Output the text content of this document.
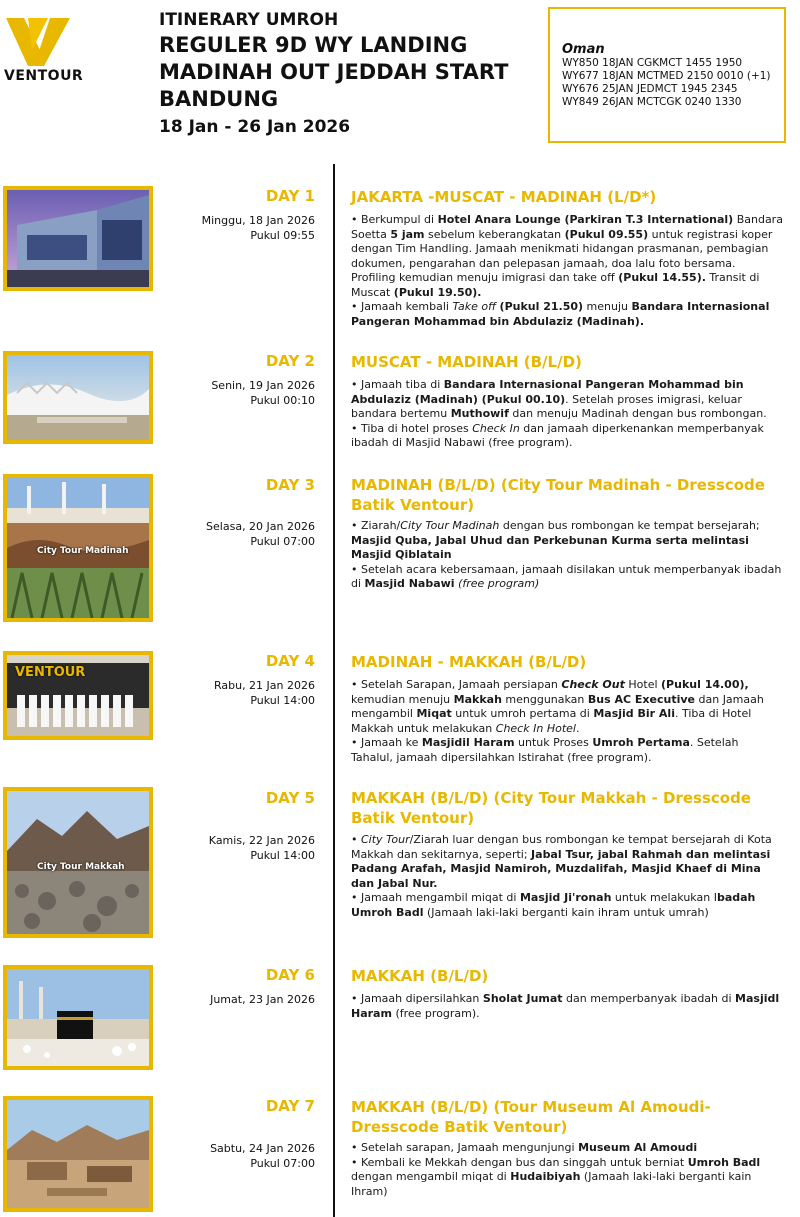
VENTOUR
ITINERARY UMROH
REGULER 9D WY LANDING MADINAH OUT JEDDAH START BANDUNG
18 Jan - 26 Jan 2026
Oman
WY850 18JAN CGKMCT 1455 1950
WY677 18JAN MCTMED 2150 0010 (+1)
WY676 25JAN JEDMCT 1945 2345
WY849 26JAN MCTCGK 0240 1330
DAY 1
Minggu, 18 Jan 2026
Pukul 09:55
JAKARTA -MUSCAT - MADINAH (L/D*)

• Berkumpul di Hotel Anara Lounge (Parkiran T.3 International) Bandara Soetta 5 jam sebelum keberangkatan (Pukul 09.55) untuk registrasi koper dengan Tim Handling. Jamaah menikmati hidangan prasmanan, pembagian dokumen, pengarahan dan pelepasan jamaah, doa lalu foto bersama. Profiling kemudian menuju imigrasi dan take off (Pukul 14.55). Transit di Muscat (Pukul 19.50).

• Jamaah kembali Take off (Pukul 21.50) menuju Bandara Internasional Pangeran Mohammad bin Abdulaziz (Madinah).

DAY 2
Senin, 19 Jan 2026
Pukul 00:10
MUSCAT - MADINAH (B/L/D)

• Jamaah tiba di Bandara Internasional Pangeran Mohammad bin Abdulaziz (Madinah) (Pukul 00.10). Setelah proses imigrasi, keluar bandara bertemu Muthowif dan menuju Madinah dengan bus rombongan.

• Tiba di hotel proses Check In dan jamaah diperkenankan memperbanyak ibadah di Masjid Nabawi (free program).

City Tour Madinah
DAY 3
Selasa, 20 Jan 2026
Pukul 07:00
MADINAH (B/L/D) (City Tour Madinah - Dresscode Batik Ventour)

• Ziarah/City Tour Madinah dengan bus rombongan ke tempat bersejarah; Masjid Quba, Jabal Uhud dan Perkebunan Kurma serta melintasi Masjid Qiblatain

• Setelah acara kebersamaan, jamaah disilakan untuk memperbanyak ibadah di Masjid Nabawi (free program)

VENTOUR
DAY 4
Rabu, 21 Jan 2026
Pukul 14:00
MADINAH - MAKKAH (B/L/D)

• Setelah Sarapan, Jamaah persiapan Check Out Hotel (Pukul 14.00), kemudian menuju Makkah menggunakan Bus AC Executive dan Jamaah mengambil Miqat untuk umroh pertama di Masjid Bir Ali. Tiba di Hotel Makkah untuk melakukan Check In Hotel.

• Jamaah ke Masjidil Haram untuk Proses Umroh Pertama. Setelah Tahalul, jamaah dipersilahkan Istirahat (free program).

City Tour Makkah
DAY 5
Kamis, 22 Jan 2026
Pukul 14:00
MAKKAH (B/L/D) (City Tour Makkah - Dresscode Batik Ventour)

• City Tour/Ziarah luar dengan bus rombongan ke tempat bersejarah di Kota Makkah dan sekitarnya, seperti; Jabal Tsur, jabal Rahmah dan melintasi Padang Arafah, Masjid Namiroh, Muzdalifah, Masjid Khaef di Mina dan Jabal Nur.

• Jamaah mengambil miqat di Masjid Ji'ronah untuk melakukan Ibadah Umroh Badl (Jamaah laki-laki berganti kain ihram untuk umrah)

DAY 6
Jumat, 23 Jan 2026
MAKKAH (B/L/D)

• Jamaah dipersilahkan Sholat Jumat dan memperbanyak ibadah di Masjidl Haram (free program).

DAY 7
Sabtu, 24 Jan 2026
Pukul 07:00
MAKKAH (B/L/D) (Tour Museum Al Amoudi- Dresscode Batik Ventour)

• Setelah sarapan, Jamaah mengunjungi Museum Al Amoudi

• Kembali ke Mekkah dengan bus dan singgah untuk berniat Umroh Badl dengan mengambil miqat di Hudaibiyah (Jamaah laki-laki berganti kain Ihram)
